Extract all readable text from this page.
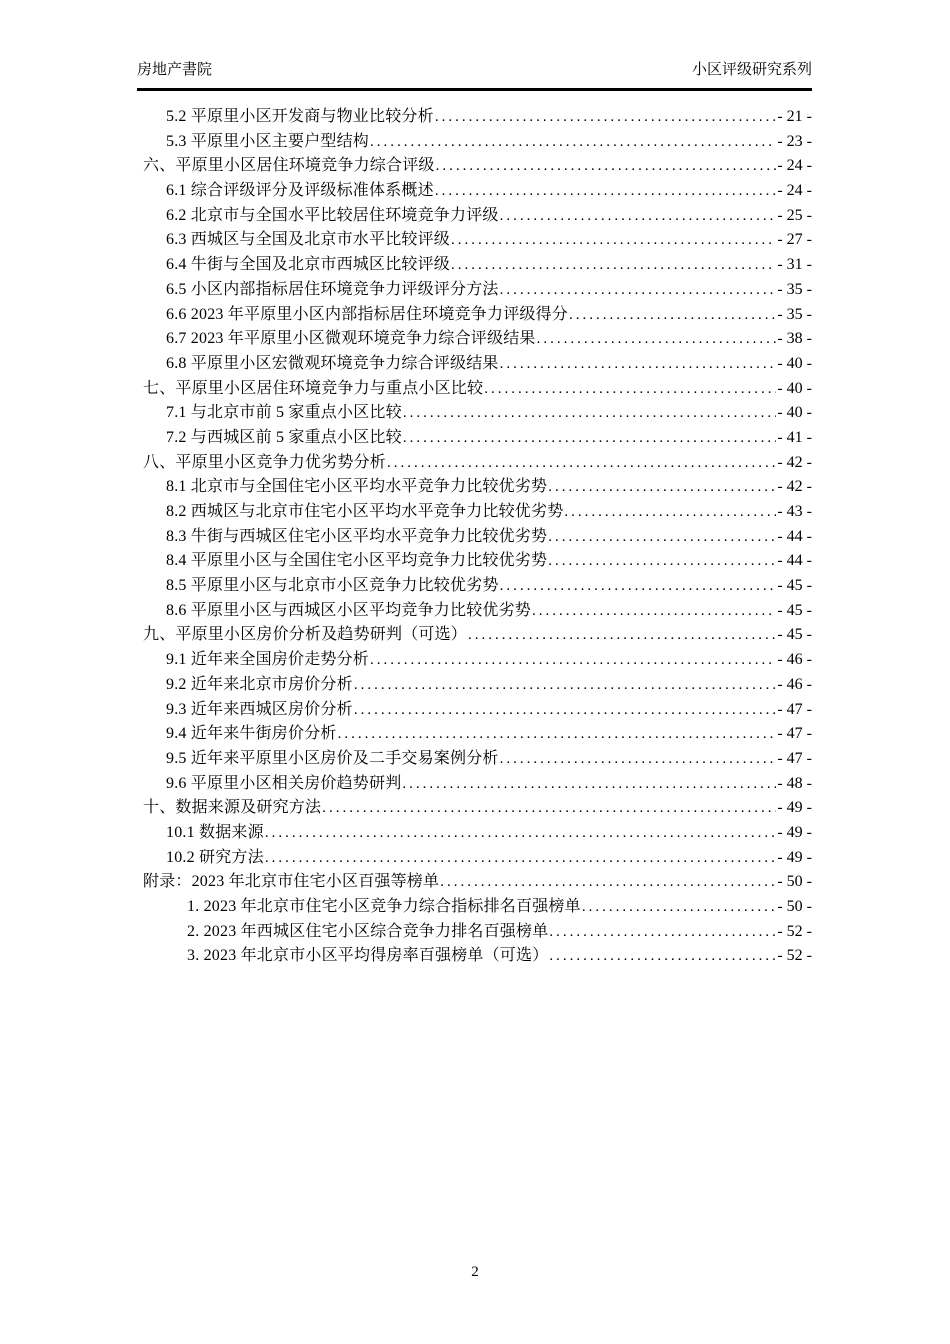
房地产書院	小区评级研究系列
5.2 平原里小区开发商与物业比较分析 .....	- 21 -
5.3 平原里小区主要户型结构 .....	- 23 -
六、平原里小区居住环境竞争力综合评级 .....	- 24 -
6.1 综合评级评分及评级标准体系概述 .....	- 24 -
6.2 北京市与全国水平比较居住环境竞争力评级 .....	- 25 -
6.3 西城区与全国及北京市水平比较评级 .....	- 27 -
6.4 牛街与全国及北京市西城区比较评级 .....	- 31 -
6.5 小区内部指标居住环境竞争力评级评分方法 .....	- 35 -
6.6 2023 年平原里小区内部指标居住环境竞争力评级得分 .....	- 35 -
6.7 2023 年平原里小区微观环境竞争力综合评级结果 .....	- 38 -
6.8 平原里小区宏微观环境竞争力综合评级结果 .....	- 40 -
七、平原里小区居住环境竞争力与重点小区比较 .....	- 40 -
7.1 与北京市前 5 家重点小区比较 .....	- 40 -
7.2 与西城区前 5 家重点小区比较 .....	- 41 -
八、平原里小区竞争力优劣势分析 .....	- 42 -
8.1 北京市与全国住宅小区平均水平竞争力比较优劣势 .....	- 42 -
8.2 西城区与北京市住宅小区平均水平竞争力比较优劣势 .....	- 43 -
8.3 牛街与西城区住宅小区平均水平竞争力比较优劣势 .....	- 44 -
8.4 平原里小区与全国住宅小区平均竞争力比较优劣势 .....	- 44 -
8.5 平原里小区与北京市小区竞争力比较优劣势 .....	- 45 -
8.6 平原里小区与西城区小区平均竞争力比较优劣势 .....	- 45 -
九、平原里小区房价分析及趋势研判（可选） .....	- 45 -
9.1 近年来全国房价走势分析 .....	- 46 -
9.2 近年来北京市房价分析 .....	- 46 -
9.3 近年来西城区房价分析 .....	- 47 -
9.4 近年来牛街房价分析 .....	- 47 -
9.5 近年来平原里小区房价及二手交易案例分析 .....	- 47 -
9.6 平原里小区相关房价趋势研判 .....	- 48 -
十、数据来源及研究方法 .....	- 49 -
10.1 数据来源 .....	- 49 -
10.2 研究方法 .....	- 49 -
附录：2023 年北京市住宅小区百强等榜单 .....	- 50 -
1. 2023 年北京市住宅小区竞争力综合指标排名百强榜单 .....	- 50 -
2. 2023 年西城区住宅小区综合竞争力排名百强榜单 .....	- 52 -
3. 2023 年北京市小区平均得房率百强榜单（可选） .....	- 52 -
2
